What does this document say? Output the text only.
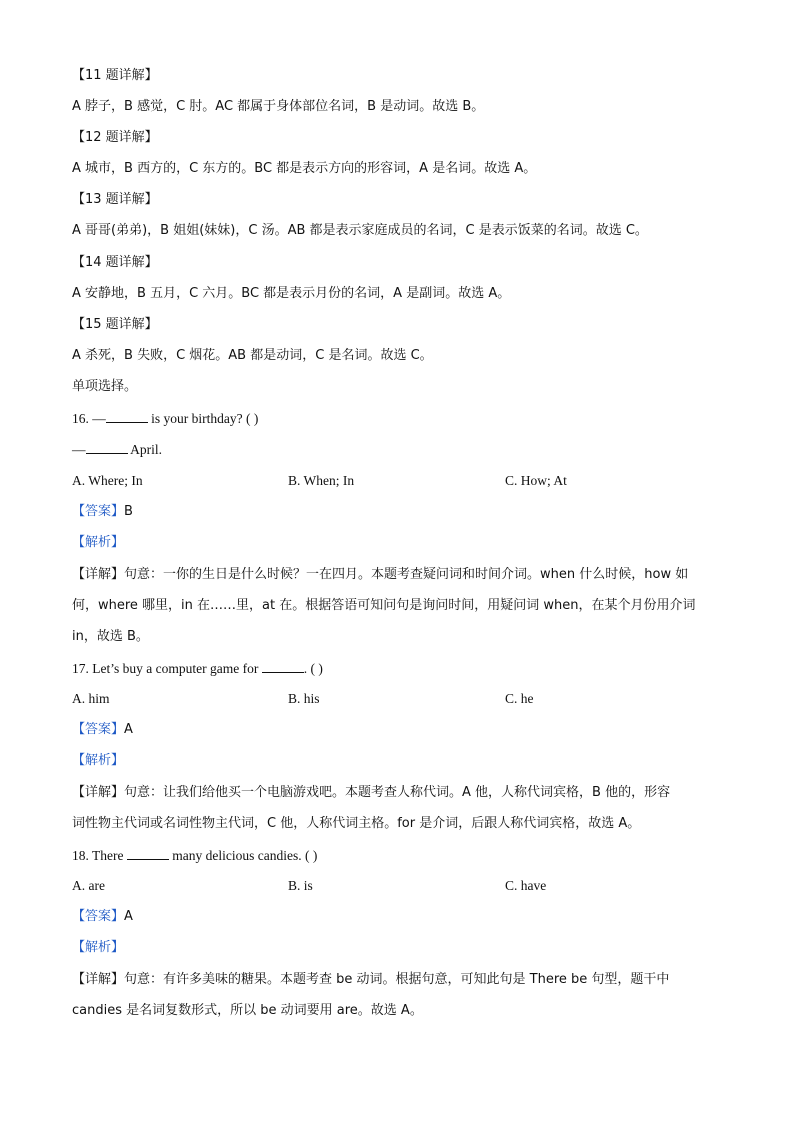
【11 题详解】
A 脖子，B 感觉，C 肘。AC 都属于身体部位名词，B 是动词。故选 B。
【12 题详解】
A 城市，B 西方的，C 东方的。BC 都是表示方向的形容词，A 是名词。故选 A。
【13 题详解】
A 哥哥(弟弟)，B 姐姐(妹妹)，C 汤。AB 都是表示家庭成员的名词，C 是表示饭菜的名词。故选 C。
【14 题详解】
A 安静地，B 五月，C 六月。BC 都是表示月份的名词，A 是副词。故选 A。
【15 题详解】
A 杀死，B 失败，C 烟花。AB 都是动词，C 是名词。故选 C。
单项选择。
16. —	is your birthday? ( )
—	April.
A. Where; In	B. When; In	C. How; At
【答案】B
【解析】
【详解】句意：一你的生日是什么时候？一在四月。本题考查疑问词和时间介词。when 什么时候，how 如
何，where 哪里，in 在……里，at 在。根据答语可知问句是询问时间，用疑问词 when，在某个月份用介词
in，故选 B。
17. Let’s buy a computer game for	. ( )
A. him	B. his	C. he
【答案】A
【解析】
【详解】句意：让我们给他买一个电脑游戏吧。本题考查人称代词。A 他，人称代词宾格，B 他的，形容
词性物主代词或名词性物主代词，C 他，人称代词主格。for 是介词，后跟人称代词宾格，故选 A。
18. There	many delicious candies. ( )
A. are	B. is	C. have
【答案】A
【解析】
【详解】句意：有许多美味的糖果。本题考查 be 动词。根据句意，可知此句是 There be 句型，题干中
candies 是名词复数形式，所以 be 动词要用 are。故选 A。
